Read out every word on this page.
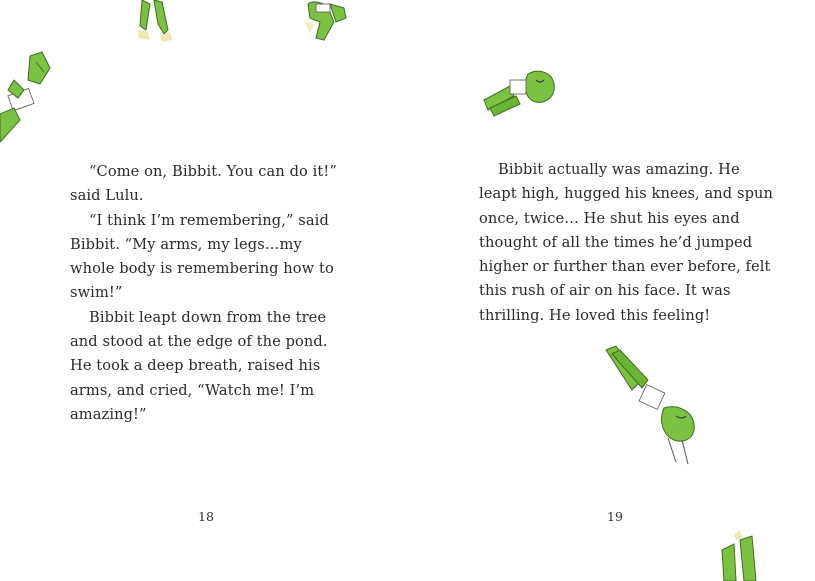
“Come on, Bibbit. You can do it!” said Lulu.

“I think I’m remembering,” said Bibbit. “My arms, my legs…my whole body is remembering how to swim!”

Bibbit leapt down from the tree and stood at the edge of the pond. He took a deep breath, raised his arms, and cried, “Watch me! I’m amazing!”

18

Bibbit actually was amazing. He leapt high, hugged his knees, and spun once, twice… He shut his eyes and thought of all the times he’d jumped higher or further than ever before, felt this rush of air on his face. It was thrilling. He loved this feeling!

19
